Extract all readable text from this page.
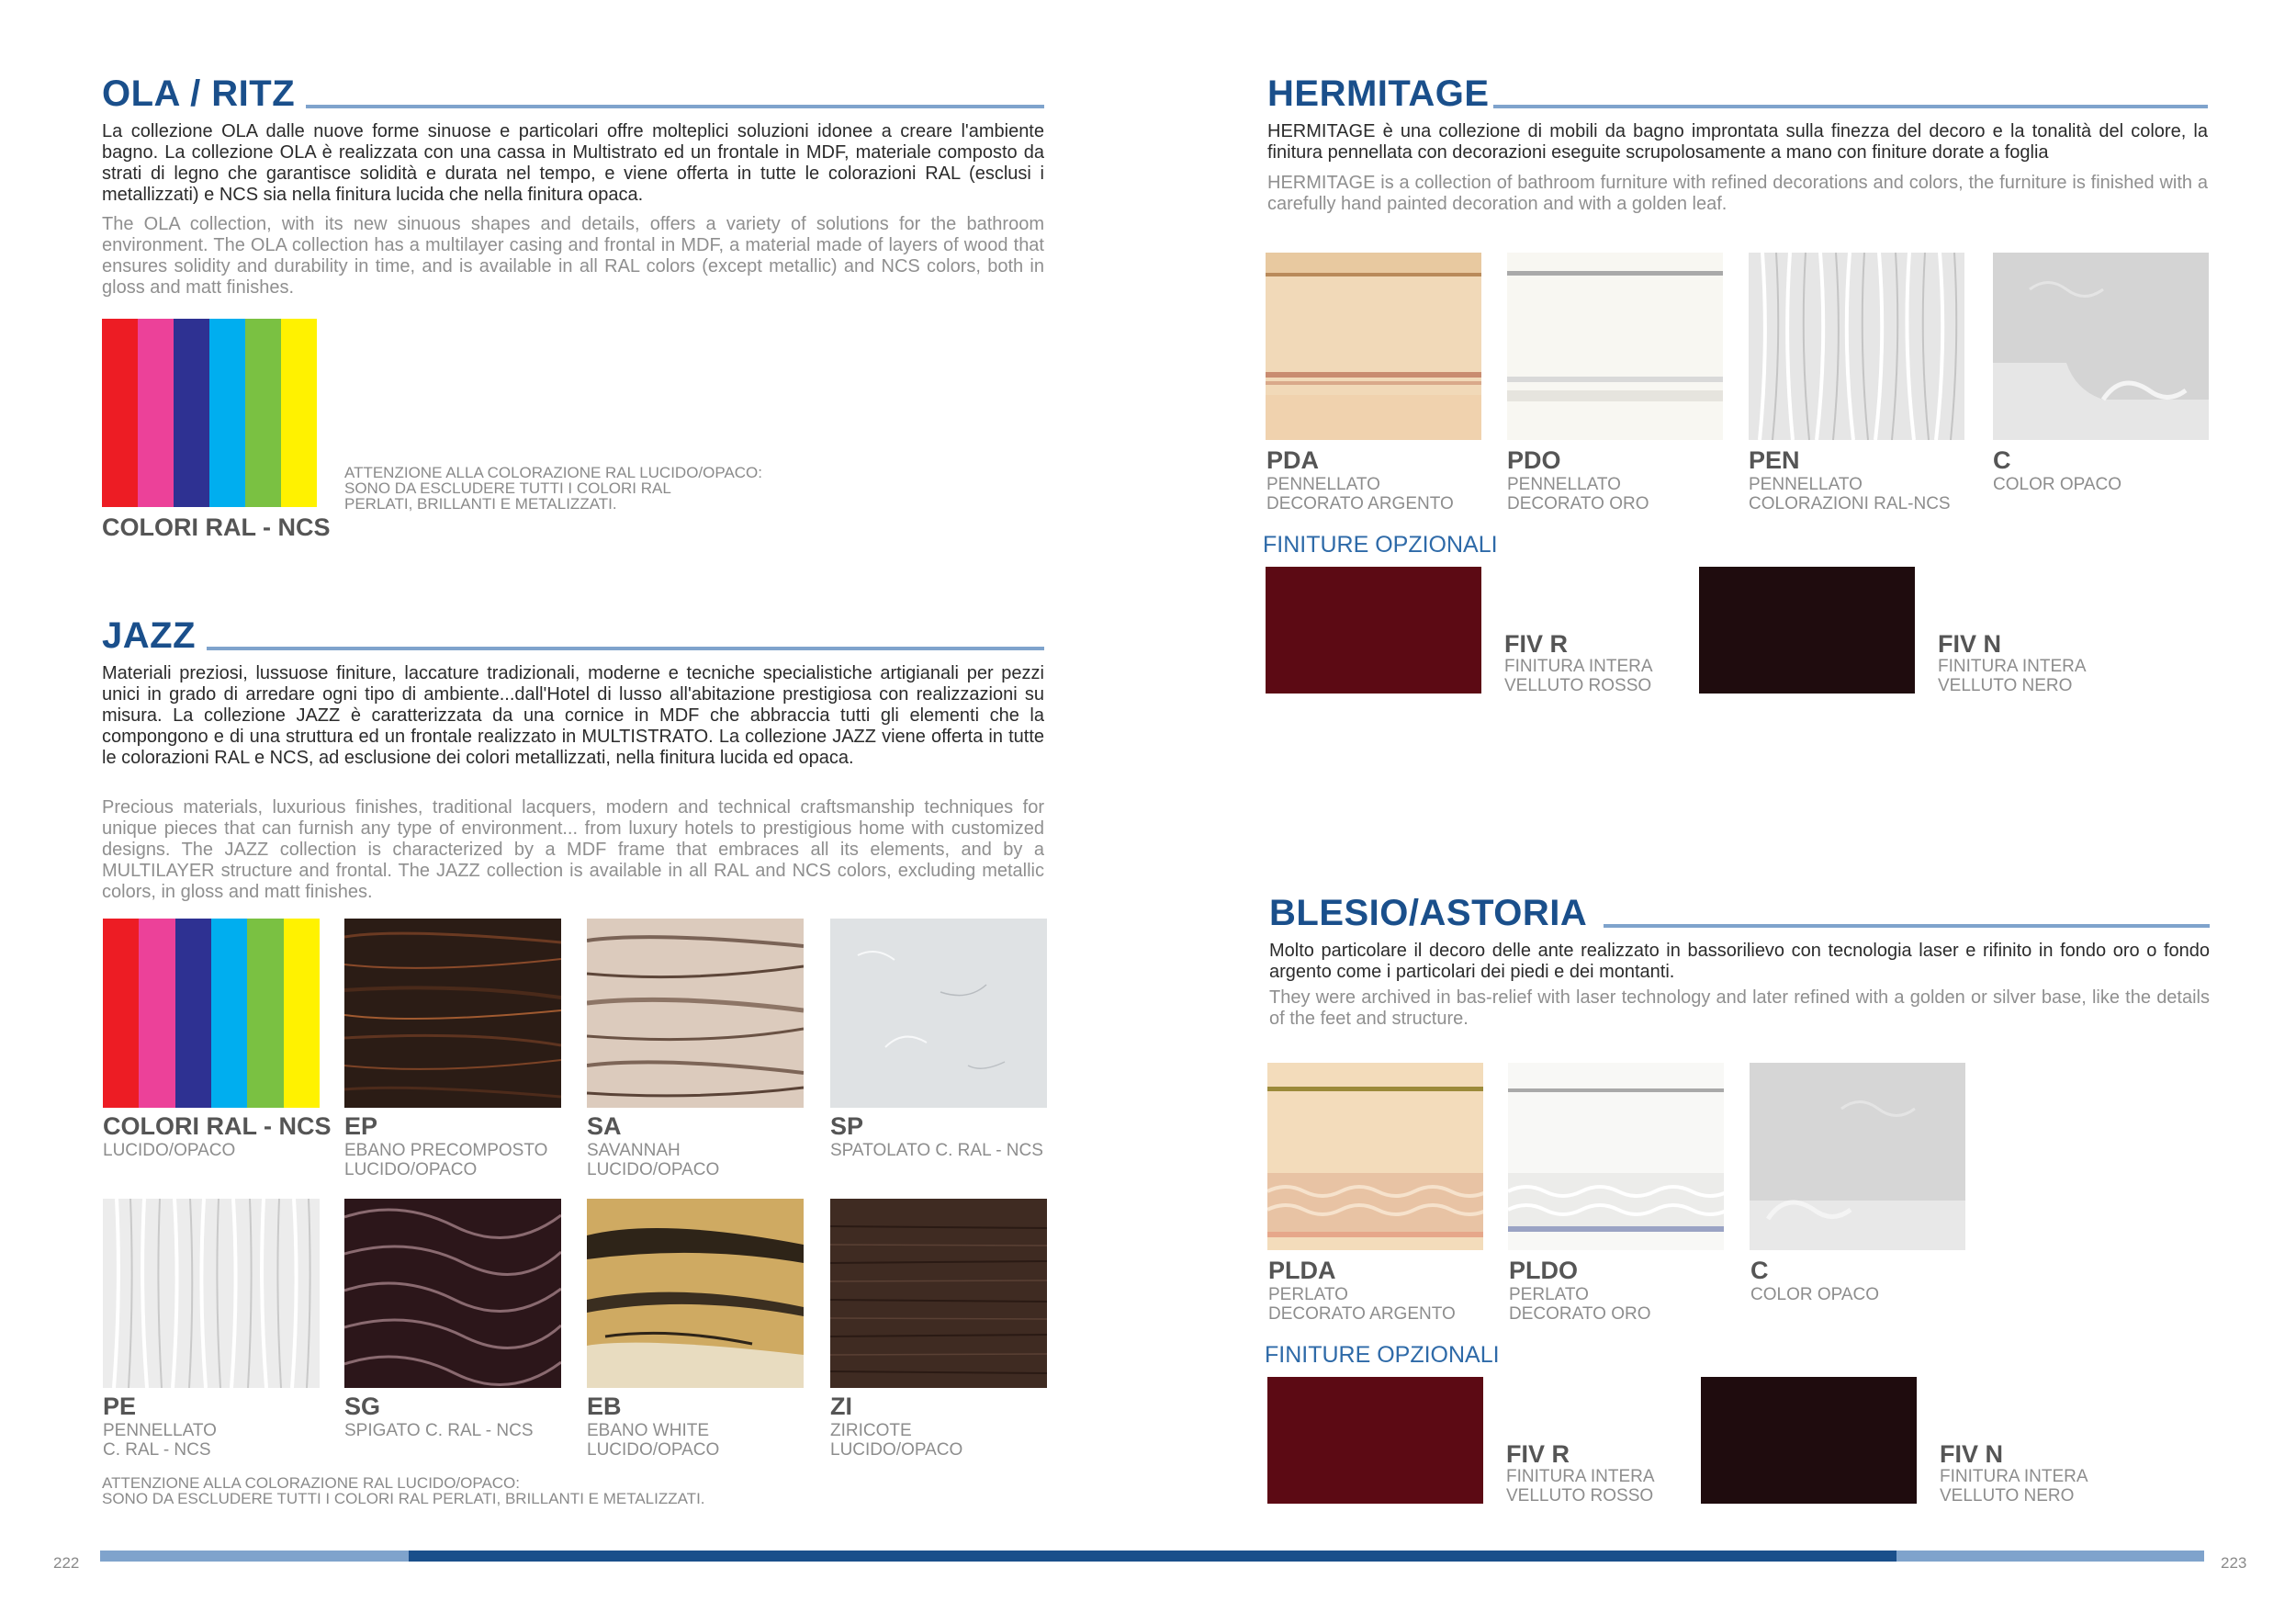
OLA / RITZ

La collezione OLA dalle nuove forme sinuose e particolari offre molteplici soluzioni idonee a creare l'ambiente bagno. La collezione OLA è realizzata con una cassa in Multistrato ed un frontale in MDF, materiale composto da strati di legno che garantisce solidità e durata nel tempo, e viene offerta in tutte le colorazioni RAL (esclusi i metallizzati) e NCS sia nella finitura lucida che nella finitura opaca.

The OLA collection, with its new sinuous shapes and details, offers a variety of solutions for the bathroom environment. The OLA collection has a multilayer casing and frontal in MDF, a material made of layers of wood that ensures solidity and durability in time, and is available in all RAL colors (except metallic) and NCS colors, both in gloss and matt finishes.

COLORI RAL - NCS
ATTENZIONE ALLA COLORAZIONE RAL LUCIDO/OPACO:
SONO DA ESCLUDERE TUTTI I COLORI RAL
PERLATI, BRILLANTI E METALIZZATI.
JAZZ

Materiali preziosi, lussuose finiture, laccature tradizionali, moderne e tecniche specialistiche artigianali per pezzi unici in grado di arredare ogni tipo di ambiente...dall'Hotel di lusso all'abitazione prestigiosa con realizzazioni su misura. La collezione JAZZ è caratterizzata da una cornice in MDF che abbraccia tutti gli elementi che la compongono e di una struttura ed un frontale realizzato in MULTISTRATO. La collezione JAZZ viene offerta in tutte le colorazioni RAL e NCS, ad esclusione dei colori metallizzati, nella finitura lucida ed opaca.

Precious materials, luxurious finishes, traditional lacquers, modern and technical craftsmanship techniques for unique pieces that can furnish any type of environment... from luxury hotels to prestigious home with customized designs. The JAZZ collection is characterized by a MDF frame that embraces all its elements, and by a MULTILAYER structure and frontal. The JAZZ collection is available in all RAL and NCS colors, excluding metallic colors, in gloss and matt finishes.

COLORI RAL - NCS
LUCIDO/OPACO
EP
EBANO PRECOMPOSTO
LUCIDO/OPACO
SA
SAVANNAH
LUCIDO/OPACO
SP
SPATOLATO C. RAL - NCS
PE
PENNELLATO
C. RAL - NCS
SG
SPIGATO C. RAL - NCS
EB
EBANO WHITE
LUCIDO/OPACO
ZI
ZIRICOTE
LUCIDO/OPACO
ATTENZIONE ALLA COLORAZIONE RAL LUCIDO/OPACO:
SONO DA ESCLUDERE TUTTI I COLORI RAL PERLATI, BRILLANTI E METALIZZATI.
HERMITAGE

HERMITAGE è una collezione di mobili da bagno improntata sulla finezza del decoro e la tonalità del colore, la finitura pennellata con decorazioni eseguite scrupolosamente a mano con finiture dorate a foglia

HERMITAGE is a collection of bathroom furniture with refined decorations and colors, the furniture is finished with a carefully hand painted decoration and with a golden leaf.

PDA
PENNELLATO
DECORATO ARGENTO
PDO
PENNELLATO
DECORATO ORO
PEN
PENNELLATO
COLORAZIONI RAL-NCS
C
COLOR OPACO
FINITURE OPZIONALI
FIV R
FINITURA INTERA
VELLUTO ROSSO
FIV N
FINITURA INTERA
VELLUTO NERO
BLESIO/ASTORIA

Molto particolare il decoro delle ante realizzato in bassorilievo con tecnologia laser e rifinito in fondo oro o fondo argento come i particolari dei piedi e dei montanti.

They were archived in bas-relief with laser technology and later refined with a golden or silver base, like the details of the feet and structure.

PLDA
PERLATO
DECORATO ARGENTO
PLDO
PERLATO
DECORATO ORO
C
COLOR OPACO
FINITURE OPZIONALI
FIV R
FINITURA INTERA
VELLUTO ROSSO
FIV N
FINITURA INTERA
VELLUTO NERO
222	223
